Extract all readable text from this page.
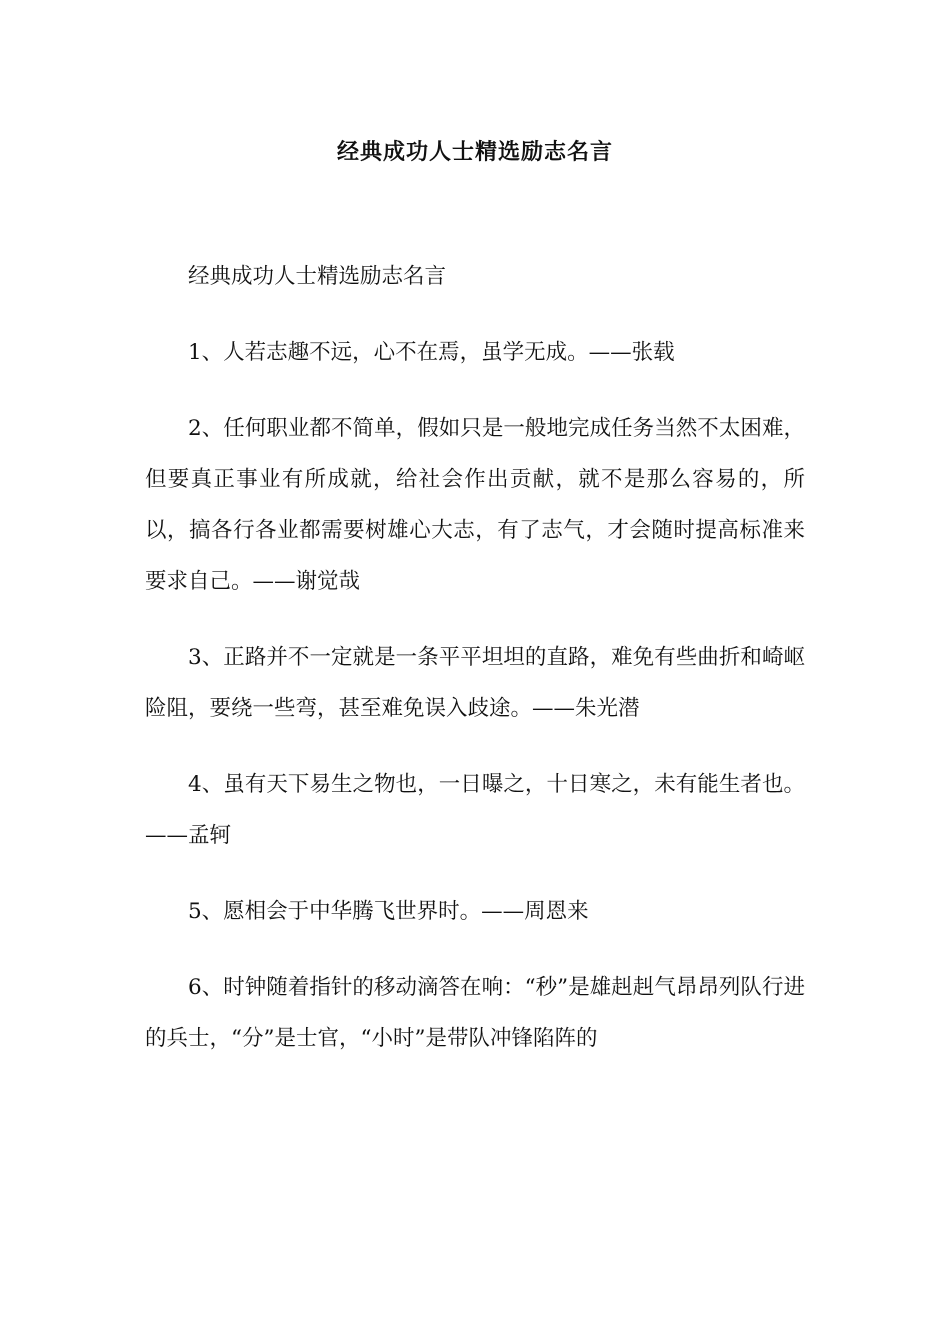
经典成功人士精选励志名言

经典成功人士精选励志名言

1、人若志趣不远，心不在焉，虽学无成。——张载

2、任何职业都不简单，假如只是一般地完成任务当然不太困难，但要真正事业有所成就，给社会作出贡献，就不是那么容易的，所以，搞各行各业都需要树雄心大志，有了志气，才会随时提高标准来要求自己。——谢觉哉

3、正路并不一定就是一条平平坦坦的直路，难免有些曲折和崎岖险阻，要绕一些弯，甚至难免误入歧途。——朱光潜

4、虽有天下易生之物也，一日曝之，十日寒之，未有能生者也。——孟轲

5、愿相会于中华腾飞世界时。——周恩来

6、时钟随着指针的移动滴答在响：“秒”是雄赳赳气昂昂列队行进的兵士，“分”是士官，“小时”是带队冲锋陷阵的
